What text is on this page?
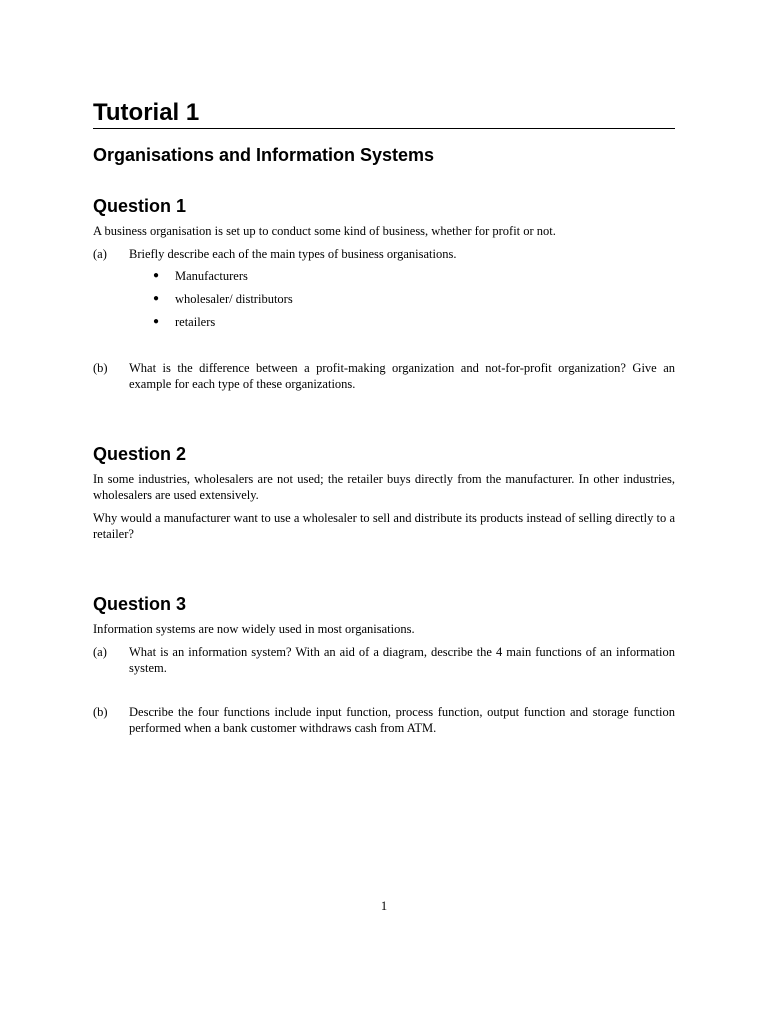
Tutorial 1
Organisations and Information Systems
Question 1

A business organisation is set up to conduct some kind of business, whether for profit or not.

(a)	Briefly describe each of the main types of business organisations.
●	Manufacturers
●	wholesaler/ distributors
●	retailers
(b)	What is the difference between a profit-making organization and not-for-profit organization? Give an example for each type of these organizations.
Question 2

In some industries, wholesalers are not used; the retailer buys directly from the manufacturer. In other industries, wholesalers are used extensively.

Why would a manufacturer want to use a wholesaler to sell and distribute its products instead of selling directly to a retailer?

Question 3

Information systems are now widely used in most organisations.

(a)	What is an information system? With an aid of a diagram, describe the 4 main functions of an information system.
(b)	Describe the four functions include input function, process function, output function and storage function performed when a bank customer withdraws cash from ATM.
1
